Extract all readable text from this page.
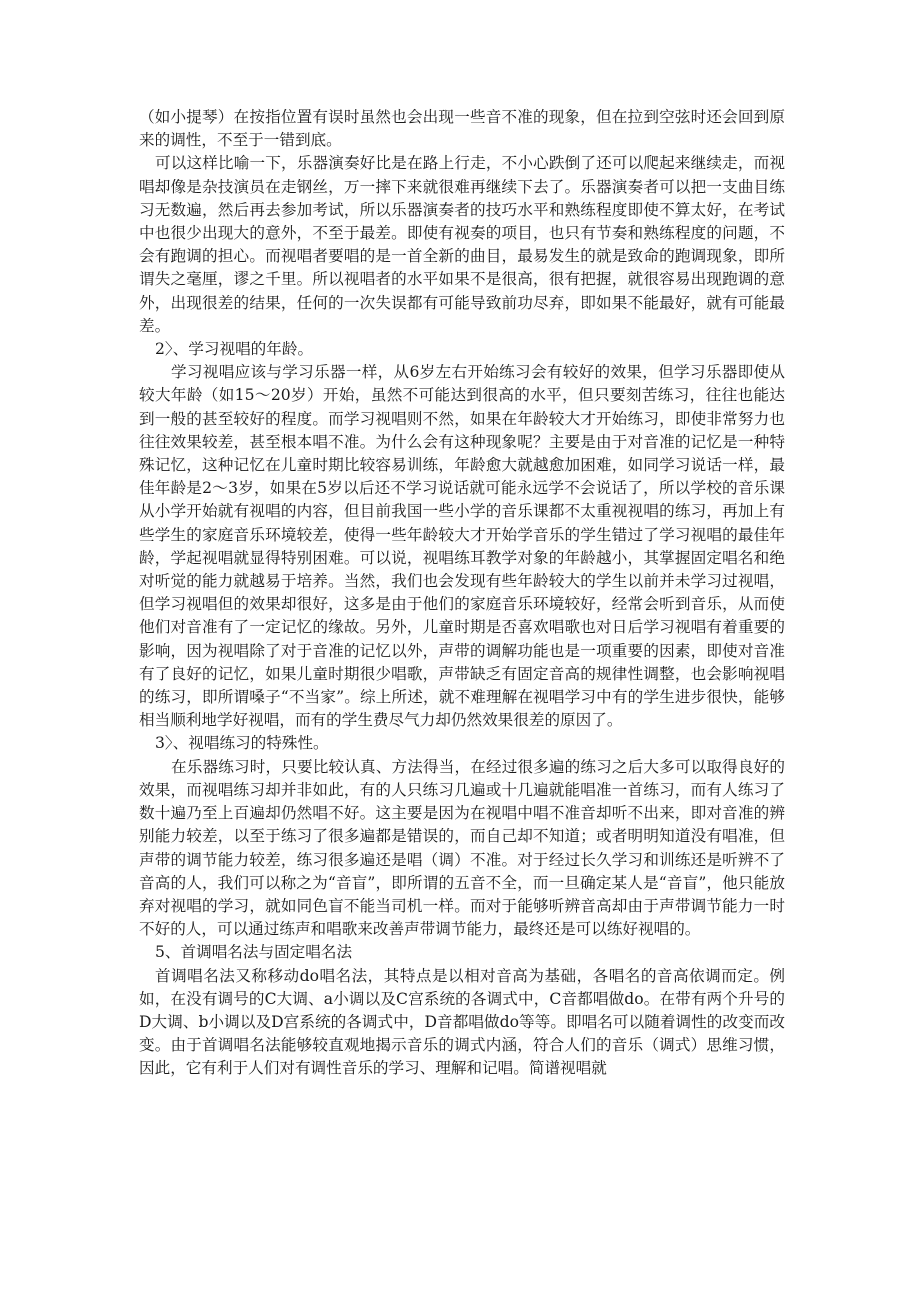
（如小提琴）在按指位置有误时虽然也会出现一些音不准的现象，但在拉到空弦时还会回到原来的调性，不至于一错到底。

可以这样比喻一下，乐器演奏好比是在路上行走，不小心跌倒了还可以爬起来继续走，而视唱却像是杂技演员在走钢丝，万一摔下来就很难再继续下去了。乐器演奏者可以把一支曲目练习无数遍，然后再去参加考试，所以乐器演奏者的技巧水平和熟练程度即使不算太好，在考试中也很少出现大的意外，不至于最差。即使有视奏的项目，也只有节奏和熟练程度的问题，不会有跑调的担心。而视唱者要唱的是一首全新的曲目，最易发生的就是致命的跑调现象，即所谓失之毫厘，谬之千里。所以视唱者的水平如果不是很高，很有把握，就很容易出现跑调的意外，出现很差的结果，任何的一次失误都有可能导致前功尽弃，即如果不能最好，就有可能最差。

2〉、学习视唱的年龄。

学习视唱应该与学习乐器一样，从6岁左右开始练习会有较好的效果，但学习乐器即使从较大年龄（如15～20岁）开始，虽然不可能达到很高的水平，但只要刻苦练习，往往也能达到一般的甚至较好的程度。而学习视唱则不然，如果在年龄较大才开始练习，即使非常努力也往往效果较差，甚至根本唱不准。为什么会有这种现象呢？主要是由于对音准的记忆是一种特殊记忆，这种记忆在儿童时期比较容易训练，年龄愈大就越愈加困难，如同学习说话一样，最佳年龄是2～3岁，如果在5岁以后还不学习说话就可能永远学不会说话了，所以学校的音乐课从小学开始就有视唱的内容，但目前我国一些小学的音乐课都不太重视视唱的练习，再加上有些学生的家庭音乐环境较差，使得一些年龄较大才开始学音乐的学生错过了学习视唱的最佳年龄，学起视唱就显得特别困难。可以说，视唱练耳教学对象的年龄越小，其掌握固定唱名和绝对听觉的能力就越易于培养。当然，我们也会发现有些年龄较大的学生以前并未学习过视唱，但学习视唱但的效果却很好，这多是由于他们的家庭音乐环境较好，经常会听到音乐，从而使他们对音准有了一定记忆的缘故。另外，儿童时期是否喜欢唱歌也对日后学习视唱有着重要的影响，因为视唱除了对于音准的记忆以外，声带的调解功能也是一项重要的因素，即使对音准有了良好的记忆，如果儿童时期很少唱歌，声带缺乏有固定音高的规律性调整，也会影响视唱的练习，即所谓嗓子“不当家”。综上所述，就不难理解在视唱学习中有的学生进步很快，能够相当顺利地学好视唱，而有的学生费尽气力却仍然效果很差的原因了。

3〉、视唱练习的特殊性。

在乐器练习时，只要比较认真、方法得当，在经过很多遍的练习之后大多可以取得良好的效果，而视唱练习却并非如此，有的人只练习几遍或十几遍就能唱准一首练习，而有人练习了数十遍乃至上百遍却仍然唱不好。这主要是因为在视唱中唱不准音却听不出来，即对音准的辨别能力较差，以至于练习了很多遍都是错误的，而自己却不知道；或者明明知道没有唱准，但声带的调节能力较差，练习很多遍还是唱（调）不准。对于经过长久学习和训练还是听辨不了音高的人，我们可以称之为“音盲”，即所谓的五音不全，而一旦确定某人是“音盲”，他只能放弃对视唱的学习，就如同色盲不能当司机一样。而对于能够听辨音高却由于声带调节能力一时不好的人，可以通过练声和唱歌来改善声带调节能力，最终还是可以练好视唱的。

5、首调唱名法与固定唱名法

首调唱名法又称移动do唱名法，其特点是以相对音高为基础，各唱名的音高依调而定。例如，在没有调号的C大调、a小调以及C宫系统的各调式中，C音都唱做do。在带有两个升号的D大调、b小调以及D宫系统的各调式中，D音都唱做do等等。即唱名可以随着调性的改变而改变。由于首调唱名法能够较直观地揭示音乐的调式内涵，符合人们的音乐（调式）思维习惯，因此，它有利于人们对有调性音乐的学习、理解和记唱。简谱视唱就
